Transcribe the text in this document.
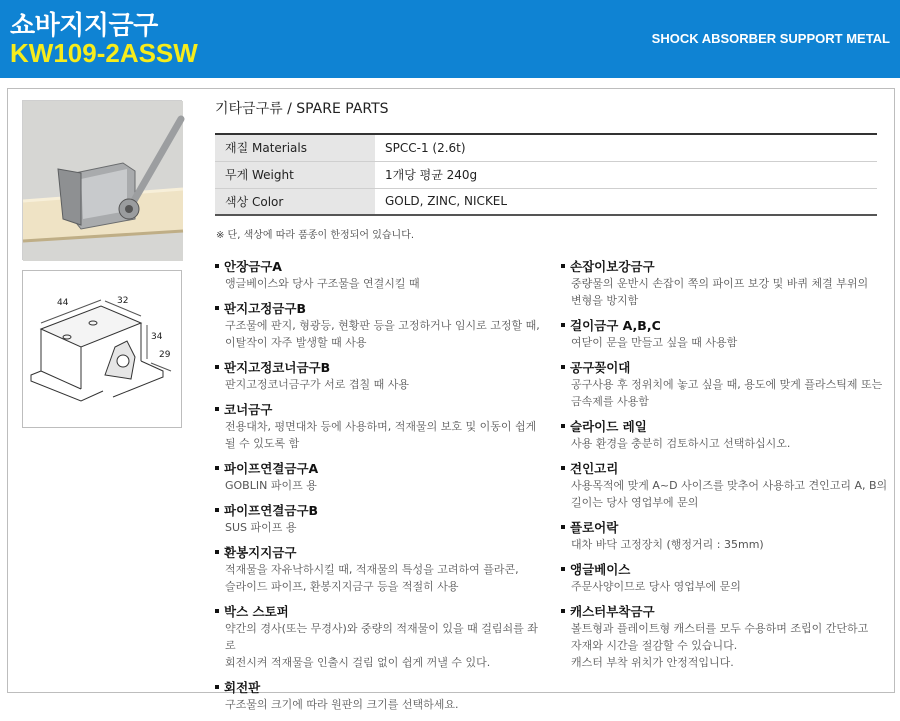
쇼바지지금구
KW109-2ASSW	SHOCK ABSORBER SUPPORT METAL
44	32
34
29
기타금구류 / SPARE PARTS
재질 Materials	SPCC-1 (2.6t)
무게 Weight	1개당 평균 240g
색상 Color	GOLD, ZINC, NICKEL
※ 단, 색상에 따라 품종이 한정되어 있습니다.
안장금구A
앵글베이스와 당사 구조물을 연결시킬 때
판지고정금구B
구조물에 판지, 형광등, 현황판 등을 고정하거나 임시로 고정할 때,
이탈작이 자주 발생할 때 사용
판지고정코너금구B
판지고정코너금구가 서로 겹칠 때 사용
코너금구
전용대차, 평면대차 등에 사용하며, 적재물의 보호 및 이동이 쉽게
될 수 있도록 함
파이프연결금구A
GOBLIN 파이프 용
파이프연결금구B
SUS 파이프 용
환봉지지금구
적재물을 자유낙하시킬 때, 적재물의 특성을 고려하여 플라콘,
슬라이드 파이프, 환봉지지금구 등을 적절히 사용
박스 스토퍼
약간의 경사(또는 무경사)와 중량의 적재물이 있을 때 걸림쇠를 좌로
회전시켜 적재물을 인출시 걸림 없이 쉽게 꺼낼 수 있다.
회전판
구조물의 크기에 따라 원판의 크기를 선택하세요.
손잡이보강금구
중량물의 운반시 손잡이 쪽의 파이프 보강 및 바퀴 체결 부위의
변형을 방지함
걸이금구 A,B,C
여닫이 문을 만들고 싶을 때 사용함
공구꽂이대
공구사용 후 정위치에 놓고 싶을 때, 용도에 맞게 플라스틱제 또는
금속제를 사용함
슬라이드 레일
사용 환경을 충분히 검토하시고 선택하십시오.
견인고리
사용목적에 맞게 A~D 사이즈를 맞추어 사용하고 견인고리 A, B의
길이는 당사 영업부에 문의
플로어락
대차 바닥 고정장치 (행정거리 : 35mm)
앵글베이스
주문사양이므로 당사 영업부에 문의
캐스터부착금구
볼트형과 플레이트형 캐스터를 모두 수용하며 조립이 간단하고
자재와 시간을 절감할 수 있습니다.
캐스터 부착 위치가 안정적입니다.
